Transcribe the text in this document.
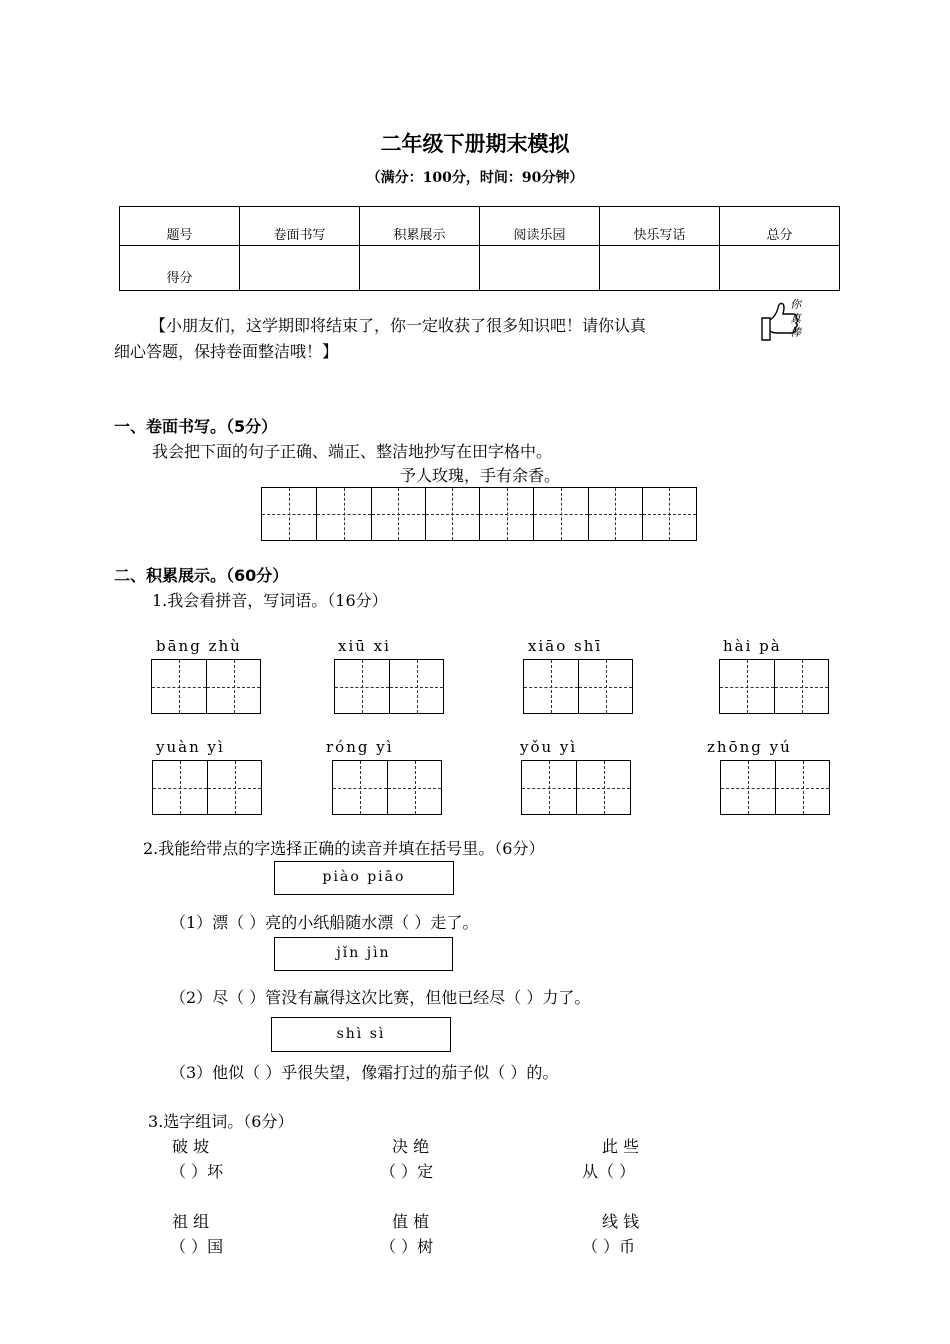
二年级下册期末模拟
（满分：100分，时间：90分钟）
题号	卷面书写	积累展示	阅读乐园	快乐写话	总分
得分					
【小朋友们，这学期即将结束了，你一定收获了很多知识吧！请你认真
细心答题，保持卷面整洁哦！】
你真棒
一、卷面书写。（5分）
我会把下面的句子正确、端正、整洁地抄写在田字格中。
予人玫瑰，手有余香。
二、积累展示。（60分）
1.我会看拼音，写词语。（16分）
bāng zhù	xiū xi	xiāo shī	hài pà
yuàn yì	róng yì	yǒu yì	zhōng yú
2.我能给带点的字选择正确的读音并填在括号里。（6分）
piào piāo
（1）漂（ ）亮的小纸船随水漂（ ）走了。
jǐn jìn
（2）尽（ ）管没有赢得这次比赛，但他已经尽（ ）力了。
shì sì
（3）他似（ ）乎很失望，像霜打过的茄子似（ ）的。
3.选字组词。（6分）
破 坡
（ ）坏
决 绝
（ ）定
此 些
从（ ）
祖 组
（ ）国
值 植
（ ）树
线 钱
（ ）币
